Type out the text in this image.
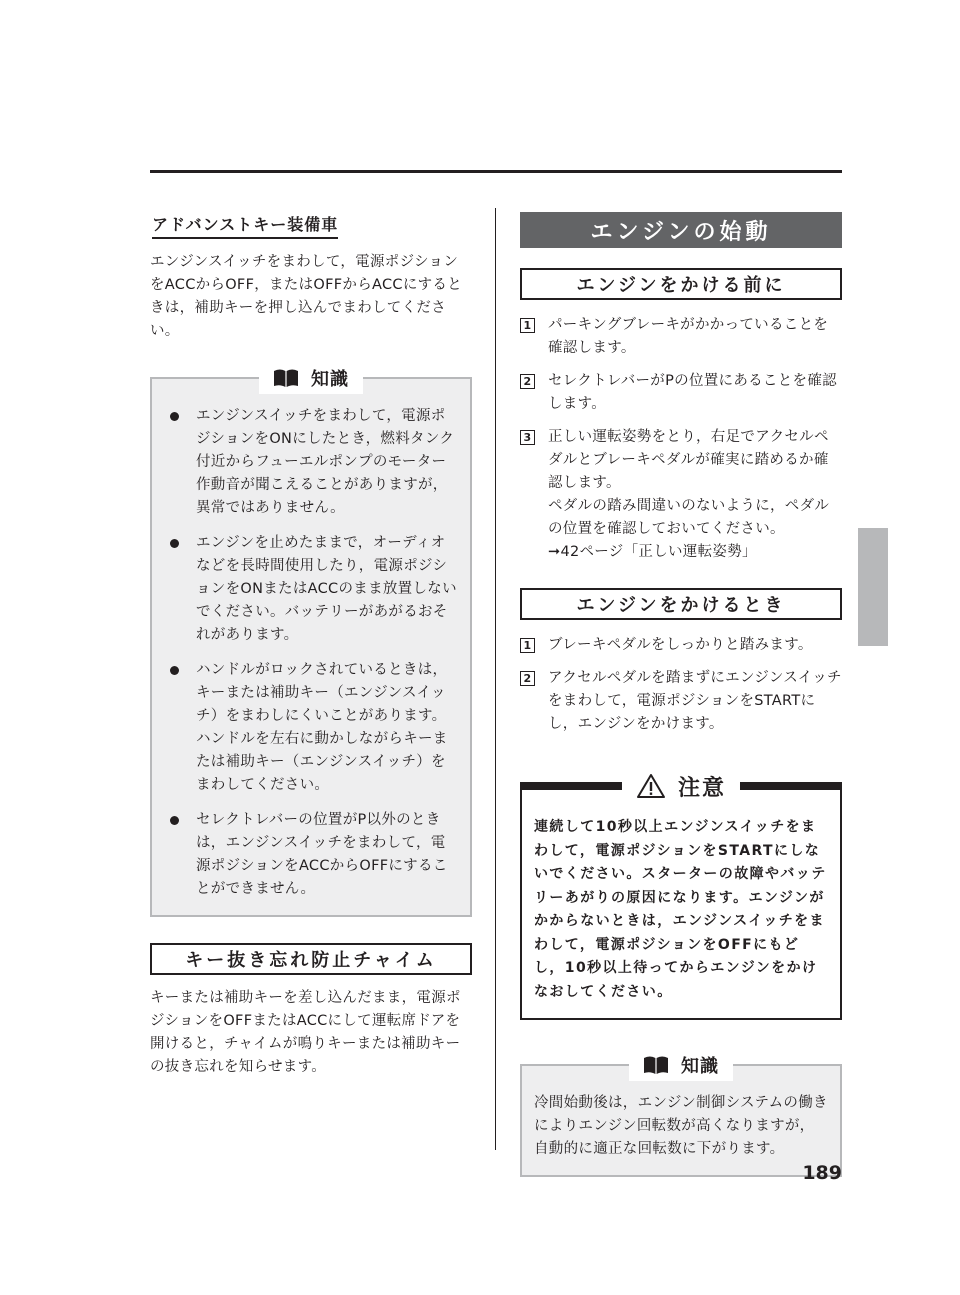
アドバンストキー装備車

エンジンスイッチをまわして，電源ポジションをACCからOFF，またはOFFからACCにするときは，補助キーを押し込んでまわしてください。

知識
エンジンスイッチをまわして，電源ポジションをONにしたとき，燃料タンク付近からフューエルポンプのモーター作動音が聞こえることがありますが，異常ではありません。
エンジンを止めたままで，オーディオなどを長時間使用したり，電源ポジションをONまたはACCのまま放置しないでください。バッテリーがあがるおそれがあります。
ハンドルがロックされているときは，キーまたは補助キー（エンジンスイッチ）をまわしにくいことがあります。ハンドルを左右に動かしながらキーまたは補助キー（エンジンスイッチ）をまわしてください。
セレクトレバーの位置がP以外のときは，エンジンスイッチをまわして，電源ポジションをACCからOFFにすることができません。
キー抜き忘れ防止チャイム

キーまたは補助キーを差し込んだまま，電源ポジションをOFFまたはACCにして運転席ドアを開けると，チャイムが鳴りキーまたは補助キーの抜き忘れを知らせます。

エンジンの始動
エンジンをかける前に
1 パーキングブレーキがかかっていることを確認します。
2 セレクトレバーがPの位置にあることを確認します。
3 正しい運転姿勢をとり，右足でアクセルペダルとブレーキペダルが確実に踏めるか確認します。
ペダルの踏み間違いのないように，ペダルの位置を確認しておいてください。
➞42ページ「正しい運転姿勢」
エンジンをかけるとき
1 ブレーキペダルをしっかりと踏みます。
2 アクセルペダルを踏まずにエンジンスイッチをまわして，電源ポジションをSTARTにし，エンジンをかけます。
注意

連続して10秒以上エンジンスイッチをまわして，電源ポジションをSTARTにしないでください。スターターの故障やバッテリーあがりの原因になります。エンジンがかからないときは，エンジンスイッチをまわして，電源ポジションをOFFにもどし，10秒以上待ってからエンジンをかけなおしてください。

知識

冷間始動後は，エンジン制御システムの働きによりエンジン回転数が高くなりますが，自動的に適正な回転数に下がります。

189
